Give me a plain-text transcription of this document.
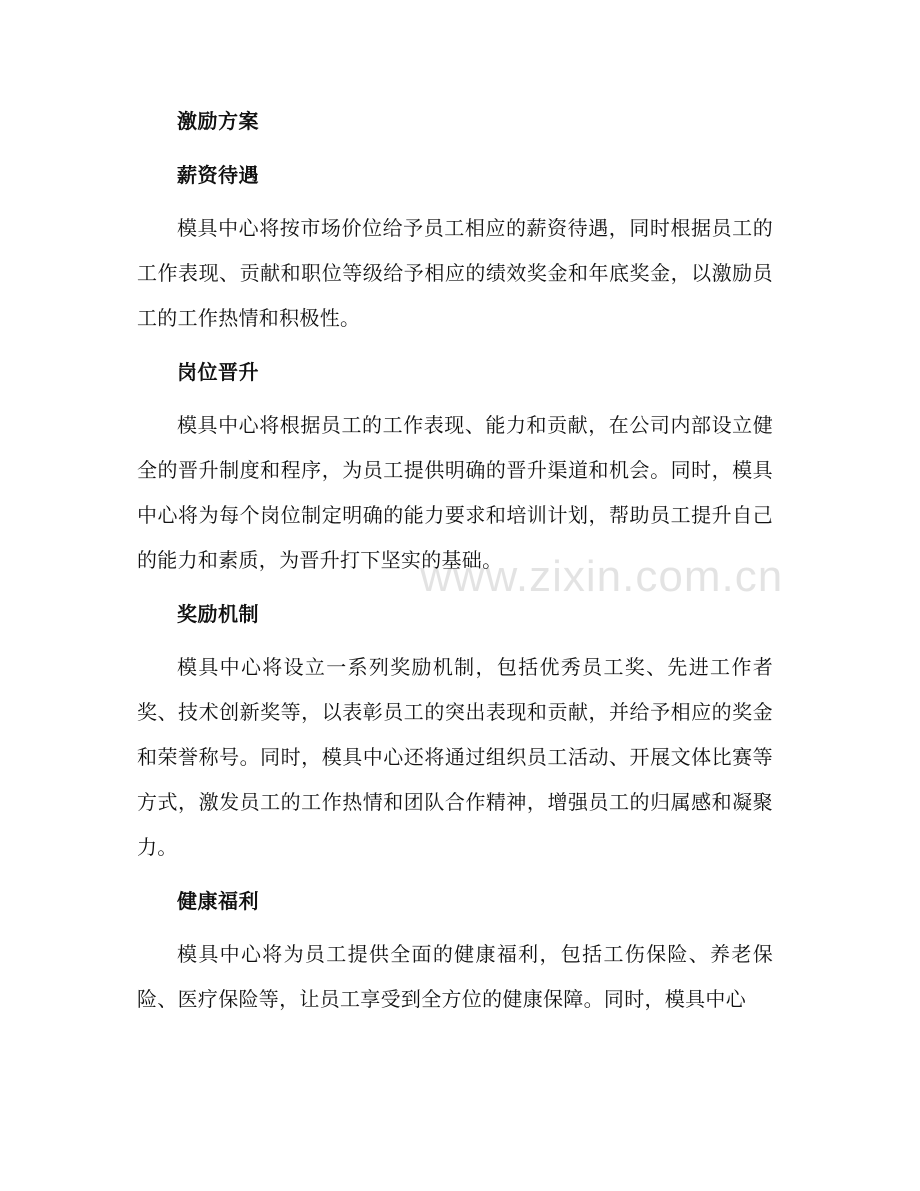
激励方案
薪资待遇

模具中心将按市场价位给予员工相应的薪资待遇，同时根据员工的工作表现、贡献和职位等级给予相应的绩效奖金和年底奖金，以激励员工的工作热情和积极性。

岗位晋升

模具中心将根据员工的工作表现、能力和贡献，在公司内部设立健全的晋升制度和程序，为员工提供明确的晋升渠道和机会。同时，模具中心将为每个岗位制定明确的能力要求和培训计划，帮助员工提升自己的能力和素质，为晋升打下坚实的基础。

奖励机制

模具中心将设立一系列奖励机制，包括优秀员工奖、先进工作者奖、技术创新奖等，以表彰员工的突出表现和贡献，并给予相应的奖金和荣誉称号。同时，模具中心还将通过组织员工活动、开展文体比赛等方式，激发员工的工作热情和团队合作精神，增强员工的归属感和凝聚力。

健康福利

模具中心将为员工提供全面的健康福利，包括工伤保险、养老保险、医疗保险等，让员工享受到全方位的健康保障。同时，模具中心

www.zixin.com.cn
